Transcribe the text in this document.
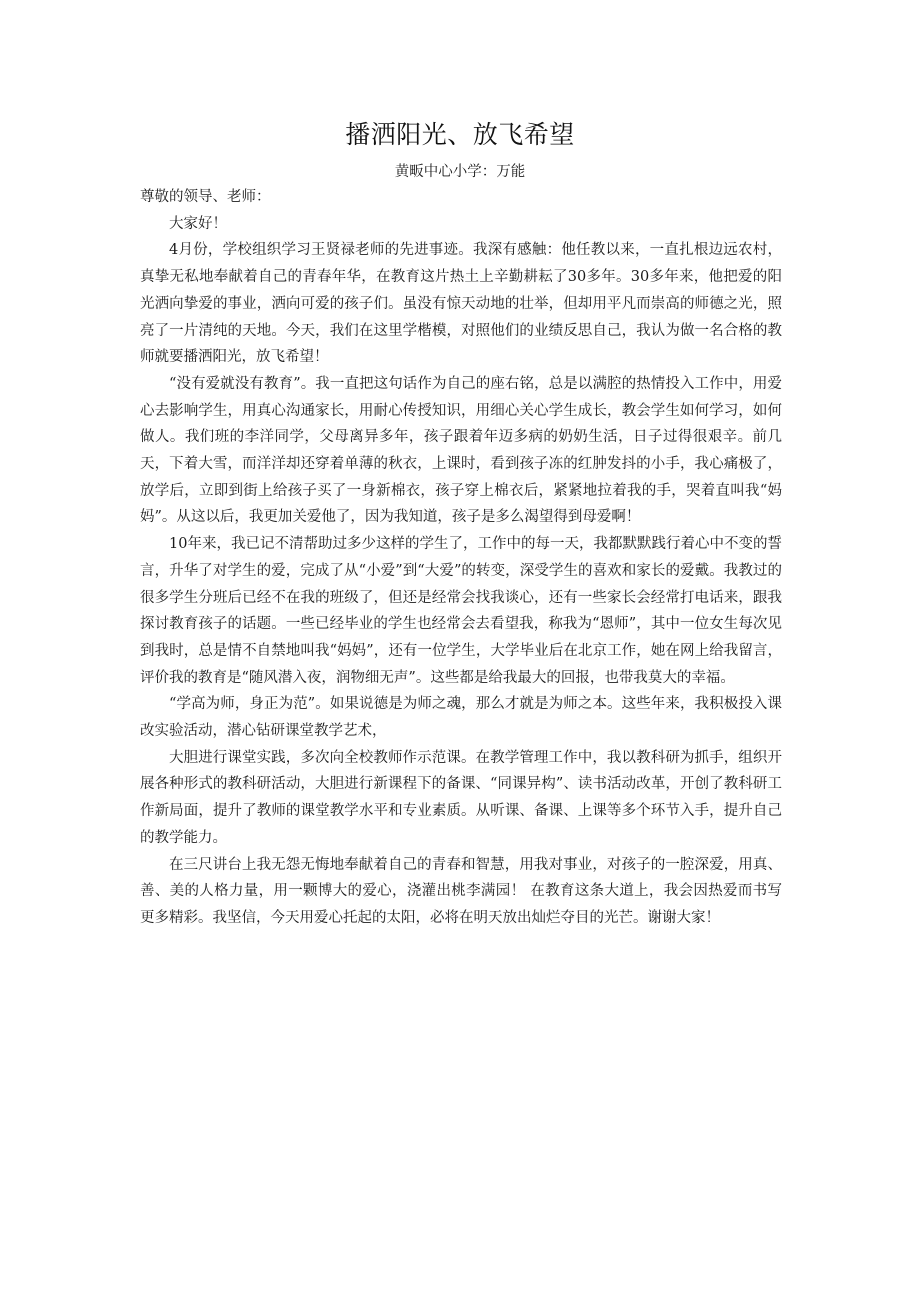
播洒阳光、放飞希望
黄畈中心小学：万能

尊敬的领导、老师：

大家好！

4月份，学校组织学习王贤禄老师的先进事迹。我深有感触：他任教以来，一直扎根边远农村，真挚无私地奉献着自己的青春年华，在教育这片热土上辛勤耕耘了30多年。30多年来，他把爱的阳光洒向挚爱的事业，洒向可爱的孩子们。虽没有惊天动地的壮举，但却用平凡而崇高的师德之光，照亮了一片清纯的天地。今天，我们在这里学楷模，对照他们的业绩反思自己，我认为做一名合格的教师就要播洒阳光，放飞希望！

“没有爱就没有教育”。我一直把这句话作为自己的座右铭，总是以满腔的热情投入工作中，用爱心去影响学生，用真心沟通家长，用耐心传授知识，用细心关心学生成长，教会学生如何学习，如何做人。我们班的李洋同学，父母离异多年，孩子跟着年迈多病的奶奶生活，日子过得很艰辛。前几天，下着大雪，而洋洋却还穿着单薄的秋衣，上课时，看到孩子冻的红肿发抖的小手，我心痛极了，放学后，立即到街上给孩子买了一身新棉衣，孩子穿上棉衣后，紧紧地拉着我的手，哭着直叫我“妈妈”。从这以后，我更加关爱他了，因为我知道，孩子是多么渴望得到母爱啊！

10年来，我已记不清帮助过多少这样的学生了，工作中的每一天，我都默默践行着心中不变的誓言，升华了对学生的爱，完成了从“小爱”到“大爱”的转变，深受学生的喜欢和家长的爱戴。我教过的很多学生分班后已经不在我的班级了，但还是经常会找我谈心，还有一些家长会经常打电话来，跟我探讨教育孩子的话题。一些已经毕业的学生也经常会去看望我，称我为“恩师”，其中一位女生每次见到我时，总是情不自禁地叫我“妈妈”，还有一位学生，大学毕业后在北京工作，她在网上给我留言，评价我的教育是“随风潜入夜，润物细无声”。这些都是给我最大的回报，也带我莫大的幸福。

“学高为师，身正为范”。如果说德是为师之魂，那么才就是为师之本。这些年来，我积极投入课改实验活动，潜心钻研课堂教学艺术，

大胆进行课堂实践，多次向全校教师作示范课。在教学管理工作中，我以教科研为抓手，组织开展各种形式的教科研活动，大胆进行新课程下的备课、“同课异构”、读书活动改革，开创了教科研工作新局面，提升了教师的课堂教学水平和专业素质。从听课、备课、上课等多个环节入手，提升自己的教学能力。

在三尺讲台上我无怨无悔地奉献着自己的青春和智慧，用我对事业，对孩子的一腔深爱，用真、善、美的人格力量，用一颗博大的爱心，浇灌出桃李满园！ 在教育这条大道上，我会因热爱而书写更多精彩。我坚信，今天用爱心托起的太阳，必将在明天放出灿烂夺目的光芒。谢谢大家！
